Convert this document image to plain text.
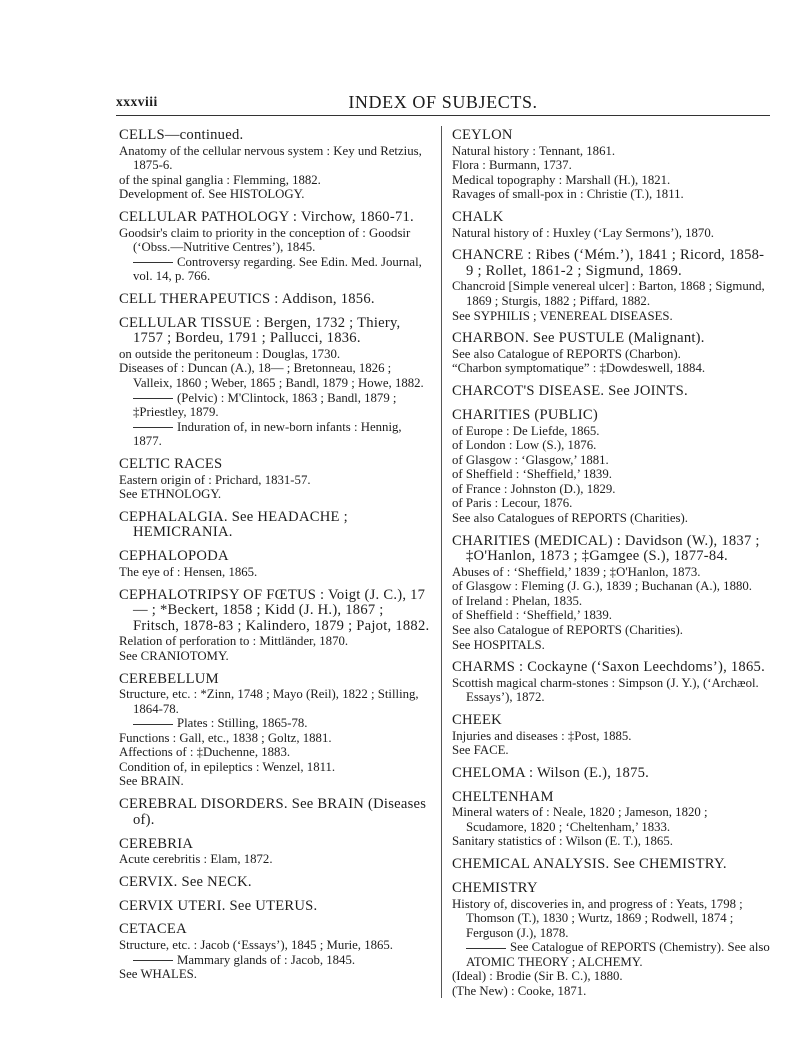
xxxviii	INDEX OF SUBJECTS.
CELLS—continued.
Anatomy of the cellular nervous system : Key und Retzius, 1875-6.
of the spinal ganglia : Flemming, 1882.
Development of. See HISTOLOGY.
CELLULAR PATHOLOGY : Virchow, 1860-71.
Goodsir's claim to priority in the conception of : Goodsir (‘Obss.—Nutritive Centres’), 1845.
Controversy regarding. See Edin. Med. Journal, vol. 14, p. 766.
CELL THERAPEUTICS : Addison, 1856.
CELLULAR TISSUE : Bergen, 1732 ; Thiery, 1757 ; Bordeu, 1791 ; Pallucci, 1836.
on outside the peritoneum : Douglas, 1730.
Diseases of : Duncan (A.), 18— ; Bretonneau, 1826 ; Valleix, 1860 ; Weber, 1865 ; Bandl, 1879 ; Howe, 1882.
(Pelvic) : M'Clintock, 1863 ; Bandl, 1879 ; ‡Priestley, 1879.
Induration of, in new-born infants : Hennig, 1877.
CELTIC RACES
Eastern origin of : Prichard, 1831-57.
See ETHNOLOGY.
CEPHALALGIA. See HEADACHE ; HEMICRANIA.
CEPHALOPODA
The eye of : Hensen, 1865.
CEPHALOTRIPSY OF FŒTUS : Voigt (J. C.), 17— ; *Beckert, 1858 ; Kidd (J. H.), 1867 ; Fritsch, 1878-83 ; Kalindero, 1879 ; Pajot, 1882.
Relation of perforation to : Mittländer, 1870.
See CRANIOTOMY.
CEREBELLUM
Structure, etc. : *Zinn, 1748 ; Mayo (Reil), 1822 ; Stilling, 1864-78.
Plates : Stilling, 1865-78.
Functions : Gall, etc., 1838 ; Goltz, 1881.
Affections of : ‡Duchenne, 1883.
Condition of, in epileptics : Wenzel, 1811.
See BRAIN.
CEREBRAL DISORDERS. See BRAIN (Diseases of).
CEREBRIA
Acute cerebritis : Elam, 1872.
CERVIX. See NECK.
CERVIX UTERI. See UTERUS.
CETACEA
Structure, etc. : Jacob (‘Essays’), 1845 ; Murie, 1865.
Mammary glands of : Jacob, 1845.
See WHALES.
CEYLON
Natural history : Tennant, 1861.
Flora : Burmann, 1737.
Medical topography : Marshall (H.), 1821.
Ravages of small-pox in : Christie (T.), 1811.
CHALK
Natural history of : Huxley (‘Lay Sermons’), 1870.
CHANCRE : Ribes (‘Mém.’), 1841 ; Ricord, 1858-9 ; Rollet, 1861-2 ; Sigmund, 1869.
Chancroid [Simple venereal ulcer] : Barton, 1868 ; Sigmund, 1869 ; Sturgis, 1882 ; Piffard, 1882.
See SYPHILIS ; VENEREAL DISEASES.
CHARBON. See PUSTULE (Malignant).
See also Catalogue of REPORTS (Charbon).
“Charbon symptomatique” : ‡Dowdeswell, 1884.
CHARCOT'S DISEASE. See JOINTS.
CHARITIES (PUBLIC)
of Europe : De Liefde, 1865.
of London : Low (S.), 1876.
of Glasgow : ‘Glasgow,’ 1881.
of Sheffield : ‘Sheffield,’ 1839.
of France : Johnston (D.), 1829.
of Paris : Lecour, 1876.
See also Catalogues of REPORTS (Charities).
CHARITIES (MEDICAL) : Davidson (W.), 1837 ; ‡O'Hanlon, 1873 ; ‡Gamgee (S.), 1877-84.
Abuses of : ‘Sheffield,’ 1839 ; ‡O'Hanlon, 1873.
of Glasgow : Fleming (J. G.), 1839 ; Buchanan (A.), 1880.
of Ireland : Phelan, 1835.
of Sheffield : ‘Sheffield,’ 1839.
See also Catalogue of REPORTS (Charities).
See HOSPITALS.
CHARMS : Cockayne (‘Saxon Leechdoms’), 1865.
Scottish magical charm-stones : Simpson (J. Y.), (‘Archæol. Essays’), 1872.
CHEEK
Injuries and diseases : ‡Post, 1885.
See FACE.
CHELOMA : Wilson (E.), 1875.
CHELTENHAM
Mineral waters of : Neale, 1820 ; Jameson, 1820 ; Scudamore, 1820 ; ‘Cheltenham,’ 1833.
Sanitary statistics of : Wilson (E. T.), 1865.
CHEMICAL ANALYSIS. See CHEMISTRY.
CHEMISTRY
History of, discoveries in, and progress of : Yeats, 1798 ; Thomson (T.), 1830 ; Wurtz, 1869 ; Rodwell, 1874 ; Ferguson (J.), 1878.
See Catalogue of REPORTS (Chemistry). See also ATOMIC THEORY ; ALCHEMY.
(Ideal) : Brodie (Sir B. C.), 1880.
(The New) : Cooke, 1871.
